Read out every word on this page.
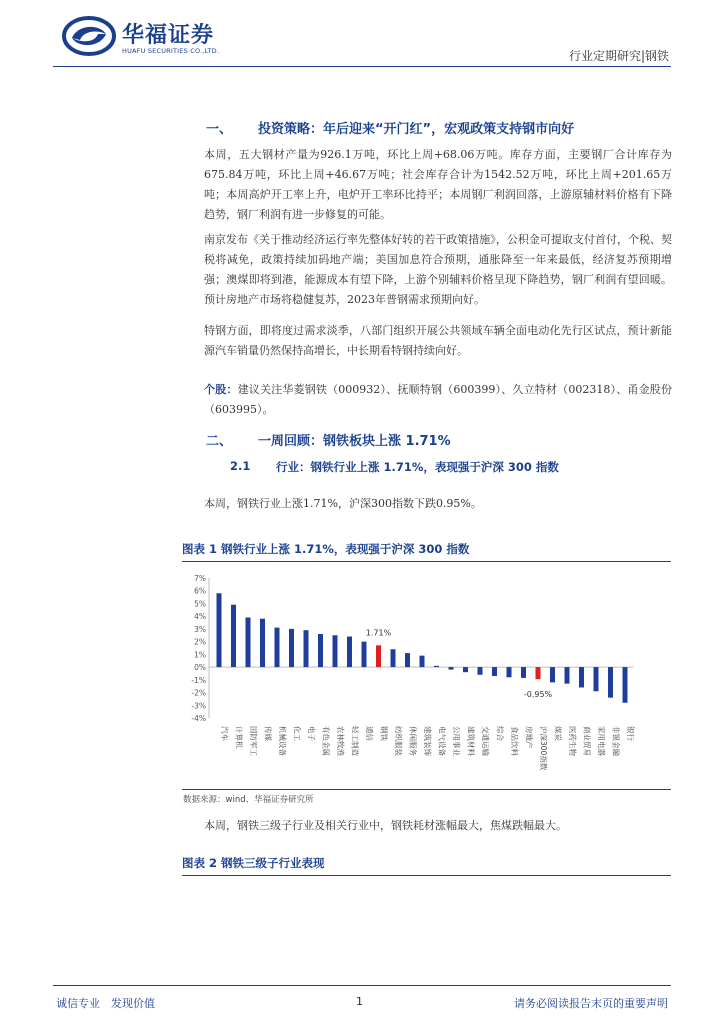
华福证券
HUAFU SECURITIES CO.,LTD.	行业定期研究|钢铁
一、 投资策略：年后迎来“开门红”，宏观政策支持钢市向好
本周，五大钢材产量为926.1万吨，环比上周+68.06万吨。库存方面，主要钢厂合计库存为675.84万吨，环比上周+46.67万吨；社会库存合计为1542.52万吨，环比上周+201.65万吨；本周高炉开工率上升，电炉开工率环比持平；本周钢厂利润回落，上游原辅材料价格有下降趋势，钢厂利润有进一步修复的可能。
南京发布《关于推动经济运行率先整体好转的若干政策措施》，公积金可提取支付首付，个税、契税将减免，政策持续加码地产端；美国加息符合预期，通胀降至一年来最低，经济复苏预期增强；澳煤即将到港，能源成本有望下降，上游个别辅料价格呈现下降趋势，钢厂利润有望回暖。预计房地产市场将稳健复苏，2023年普钢需求预期向好。
特钢方面，即将度过需求淡季，八部门组织开展公共领域车辆全面电动化先行区试点，预计新能源汽车销量仍然保持高增长，中长期看特钢持续向好。
个股：建议关注华菱钢铁（000932）、抚顺特钢（600399）、久立特材（002318）、甬金股份（603995）。
二、 一周回顾：钢铁板块上涨 1.71%
2.1 行业：钢铁行业上涨 1.71%，表现强于沪深 300 指数
本周，钢铁行业上涨1.71%，沪深300指数下跌0.95%。
图表 1 钢铁行业上涨 1.71%，表现强于沪深 300 指数
7%
6%
5%
4%
3%
2%
1%
0%
-1%
-2%
-3%
-4%
汽车 计算机 国防军工 传媒 机械设备 化工 电子 有色金属 农林牧渔 轻工制造 通信 钢铁 纺织服装 休闲服务 建筑装饰 电气设备 公用事业 建筑材料 交通运输 综合 食品饮料 房地产 沪深300指数 煤炭 医药生物 商业贸易 家用电器 非银金融 银行
1.71%
-0.95%
数据来源：wind、华福证券研究所
本周，钢铁三级子行业及相关行业中，钢铁耗材涨幅最大，焦煤跌幅最大。
图表 2 钢铁三级子行业表现
诚信专业　发现价值	1	请务必阅读报告末页的重要声明
